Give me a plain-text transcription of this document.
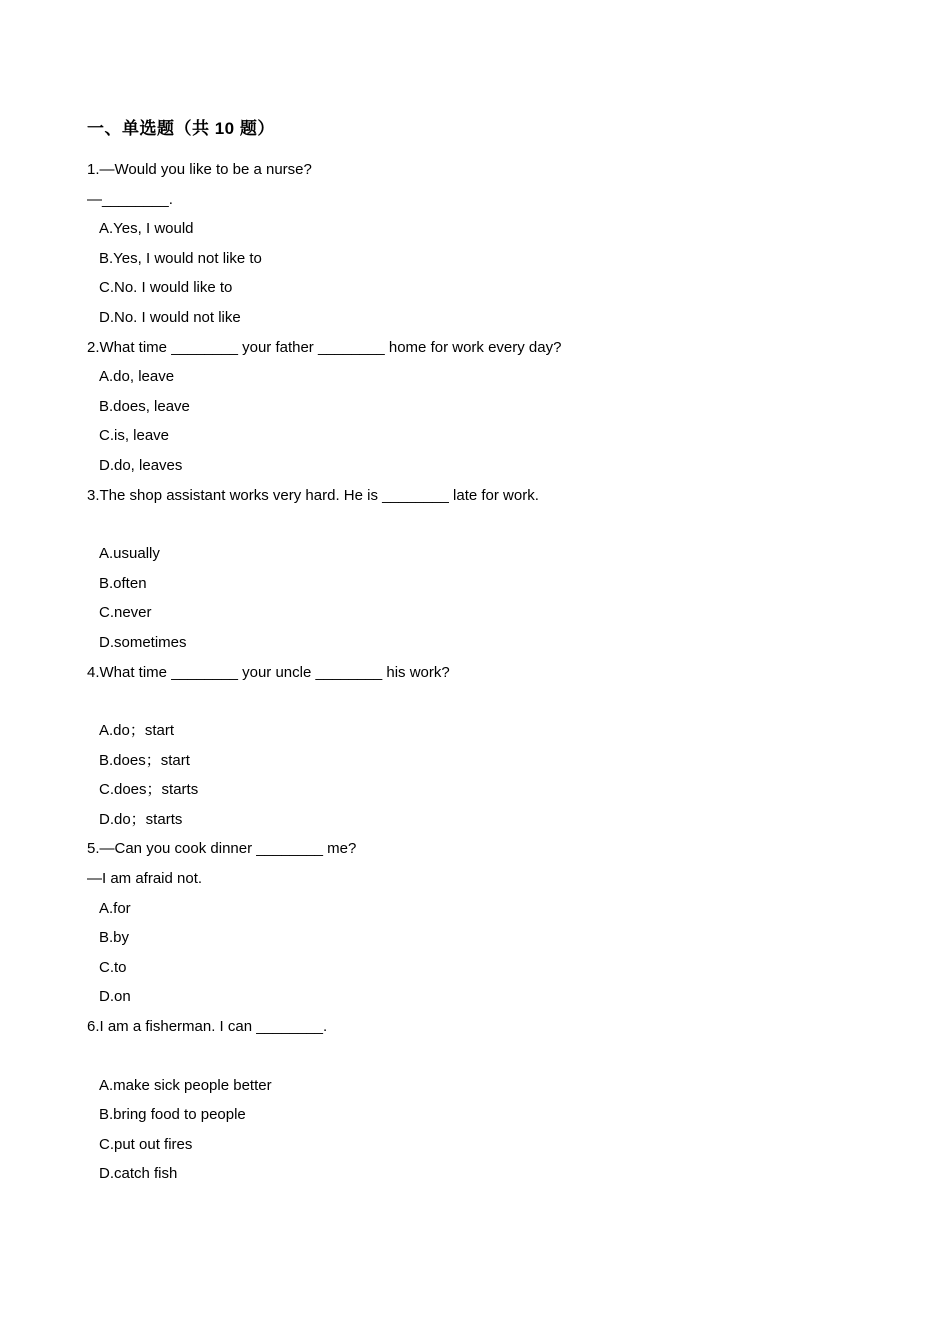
一、单选题（共 10 题）
1.—Would you like to be a nurse?
—________.
A.Yes, I would
B.Yes, I would not like to
C.No. I would like to
D.No. I would not like
2.What time ________ your father ________ home for work every day?
A.do, leave
B.does, leave
C.is, leave
D.do, leaves
3.The shop assistant works very hard. He is ________ late for work.
A.usually
B.often
C.never
D.sometimes
4.What time ________ your uncle ________ his work?
A.do；start
B.does；start
C.does；starts
D.do；starts
5.—Can you cook dinner ________ me?
—I am afraid not.
A.for
B.by
C.to
D.on
6.I am a fisherman. I can ________.
A.make sick people better
B.bring food to people
C.put out fires
D.catch fish
